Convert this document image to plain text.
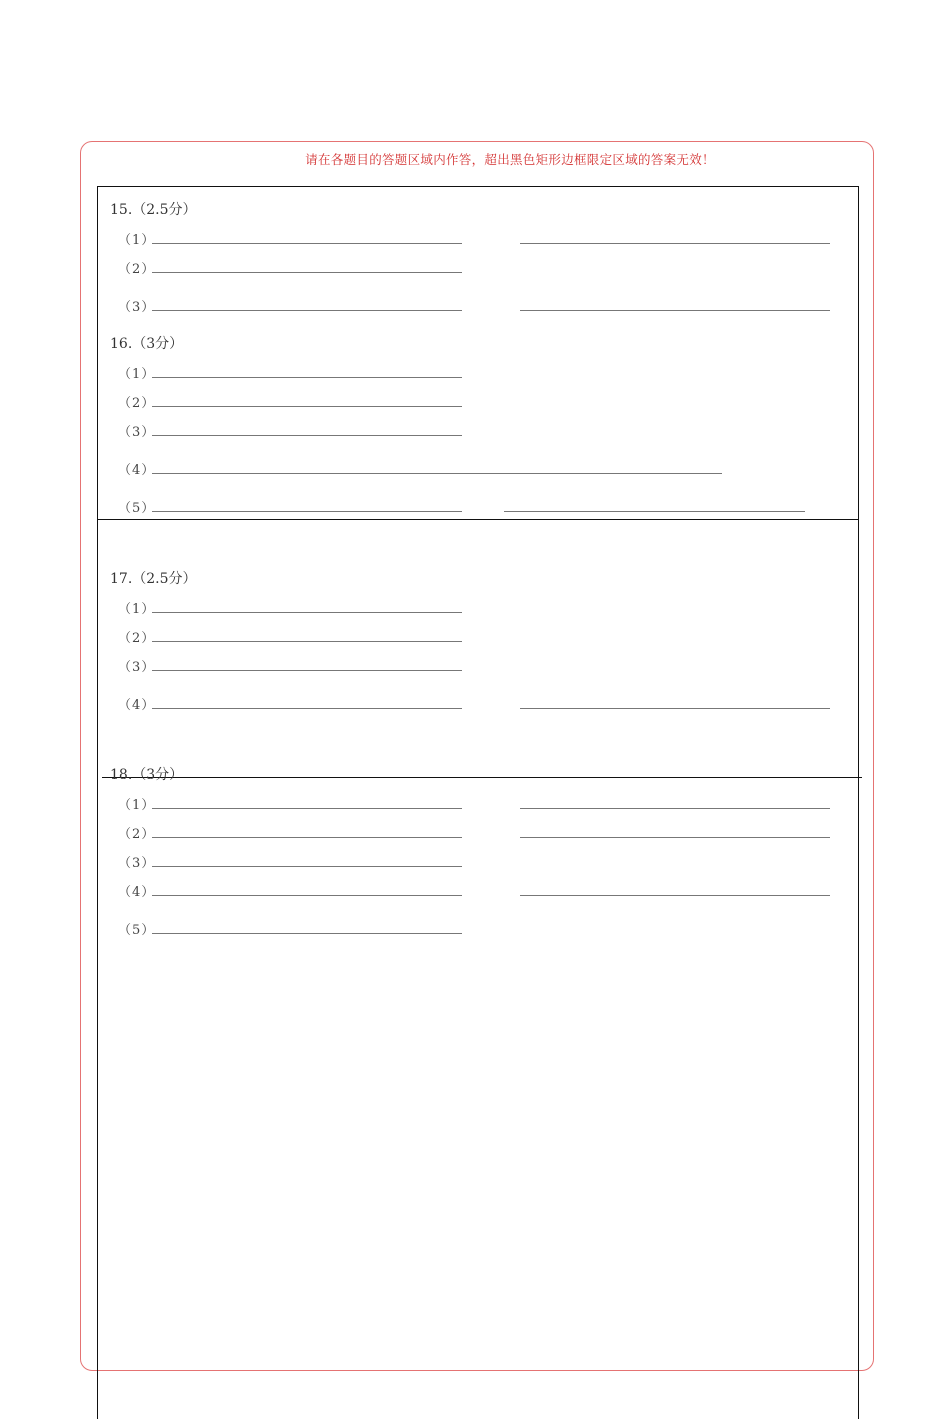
请在各题目的答题区域内作答，超出黑色矩形边框限定区域的答案无效！
15.（2.5分）
（1）
（2）
（3）
16.（3分）
（1）
（2）
（3）
（4）
（5）
17.（2.5分）
（1）
（2）
（3）
（4）
18.（3分）
（1）
（2）
（3）
（4）
（5）
